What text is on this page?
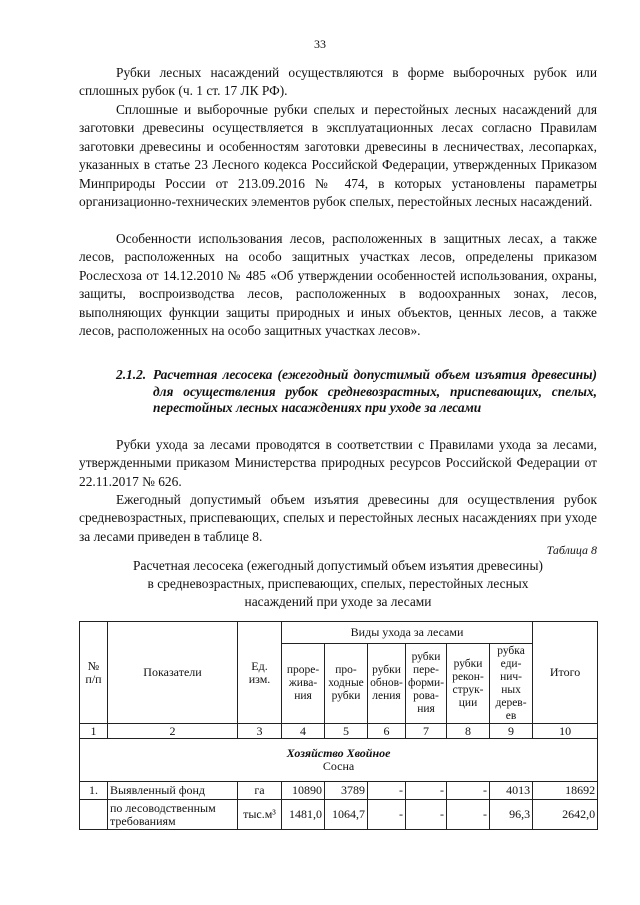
33

Рубки лесных насаждений осуществляются в форме выборочных рубок или сплошных рубок (ч. 1 ст. 17 ЛК РФ).

Сплошные и выборочные рубки спелых и перестойных лесных насаждений для заготовки древесины осуществляется в эксплуатационных лесах согласно Правилам заготовки древесины и особенностям заготовки древесины в лесничествах, лесопарках, указанных в статье 23 Лесного кодекса Российской Федерации, утвержденных Приказом Минприроды России от 213.09.2016 № 474, в которых установлены параметры организационно-технических элементов рубок спелых, перестойных лесных насаждений.

Особенности использования лесов, расположенных в защитных лесах, а также лесов, расположенных на особо защитных участках лесов, определены приказом Рослесхоза от 14.12.2010 № 485 «Об утверждении особенностей использования, охраны, защиты, воспроизводства лесов, расположенных в водоохранных зонах, лесов, выполняющих функции защиты природных и иных объектов, ценных лесов, а также лесов, расположенных на особо защитных участках лесов».

2.1.2. Расчетная лесосека (ежегодный допустимый объем изъятия древесины) для осуществления рубок средневозрастных, приспевающих, спелых, перестойных лесных насаждениях при уходе за лесами

Рубки ухода за лесами проводятся в соответствии с Правилами ухода за лесами, утвержденными приказом Министерства природных ресурсов Российской Федерации от 22.11.2017 № 626.

Ежегодный допустимый объем изъятия древесины для осуществления рубок средневозрастных, приспевающих, спелых и перестойных лесных насаждениях при уходе за лесами приведен в таблице 8.

Таблица 8
Расчетная лесосека (ежегодный допустимый объем изъятия древесины)
в средневозрастных, приспевающих, спелых, перестойных лесных
насаждений при уходе за лесами
№ п/п	Показатели	Ед. изм.	Виды ухода за лесами						Итого
			проре-жива-ния	про-ходные рубки	рубки обнов-ления	рубки пере-форми-рова-ния	рубки рекон-струк-ции	рубка еди-нич-ных дерев-ев	
1	2	3	4	5	6	7	8	9	10

Хозяйство Хвойное
Сосна									
1.	Выявленный фонд	га	10890	3789	-	-	-	4013	18692
	по лесоводственным требованиям	тыс.м³	1481,0	1064,7	-	-	-	96,3	2642,0
